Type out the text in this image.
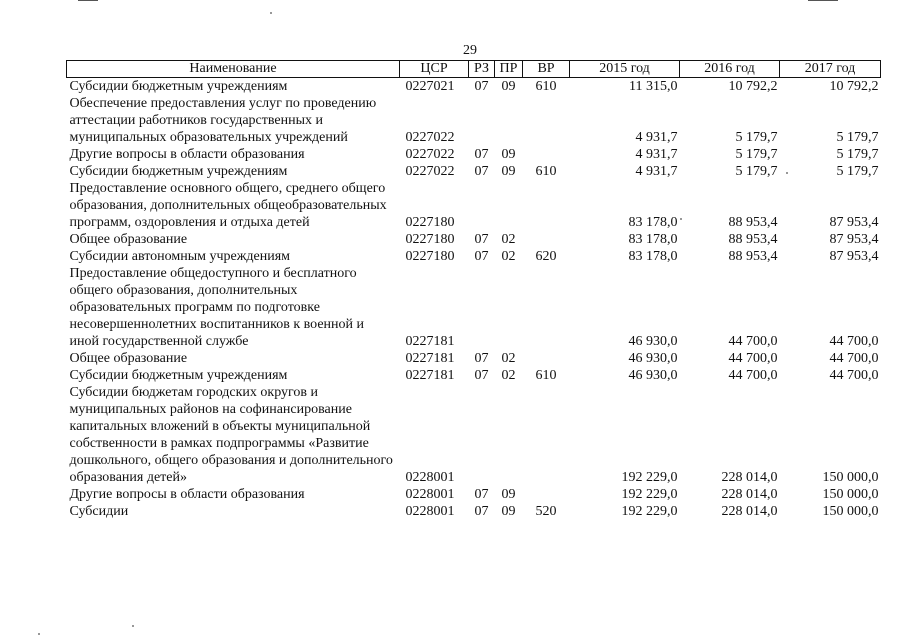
29
Наименование	ЦСР	РЗ	ПР	ВР	2015 год	2016 год	2017 год
Субсидии бюджетным учреждениям	0227021	07	09	610	11 315,0	10 792,2	10 792,2
Обеспечение предоставления услуг по проведению аттестации работников государственных и муниципальных образовательных учреждений	0227022				4 931,7	5 179,7	5 179,7
Другие вопросы в области образования	0227022	07	09		4 931,7	5 179,7	5 179,7
Субсидии бюджетным учреждениям	0227022	07	09	610	4 931,7	5 179,7	5 179,7
Предоставление основного общего, среднего общего образования, дополнительных общеобразовательных программ, оздоровления и отдыха детей	0227180				83 178,0	88 953,4	87 953,4
Общее образование	0227180	07	02		83 178,0	88 953,4	87 953,4
Субсидии автономным учреждениям	0227180	07	02	620	83 178,0	88 953,4	87 953,4
Предоставление общедоступного и бесплатного общего образования, дополнительных образовательных программ по подготовке несовершеннолетних воспитанников к военной и иной государственной службе	0227181				46 930,0	44 700,0	44 700,0
Общее образование	0227181	07	02		46 930,0	44 700,0	44 700,0
Субсидии бюджетным учреждениям	0227181	07	02	610	46 930,0	44 700,0	44 700,0
Субсидии бюджетам городских округов и муниципальных районов на софинансирование капитальных вложений в объекты муниципальной собственности в рамках подпрограммы «Развитие дошкольного, общего образования и дополнительного образования детей»	0228001				192 229,0	228 014,0	150 000,0
Другие вопросы в области образования	0228001	07	09		192 229,0	228 014,0	150 000,0
Субсидии	0228001	07	09	520	192 229,0	228 014,0	150 000,0
